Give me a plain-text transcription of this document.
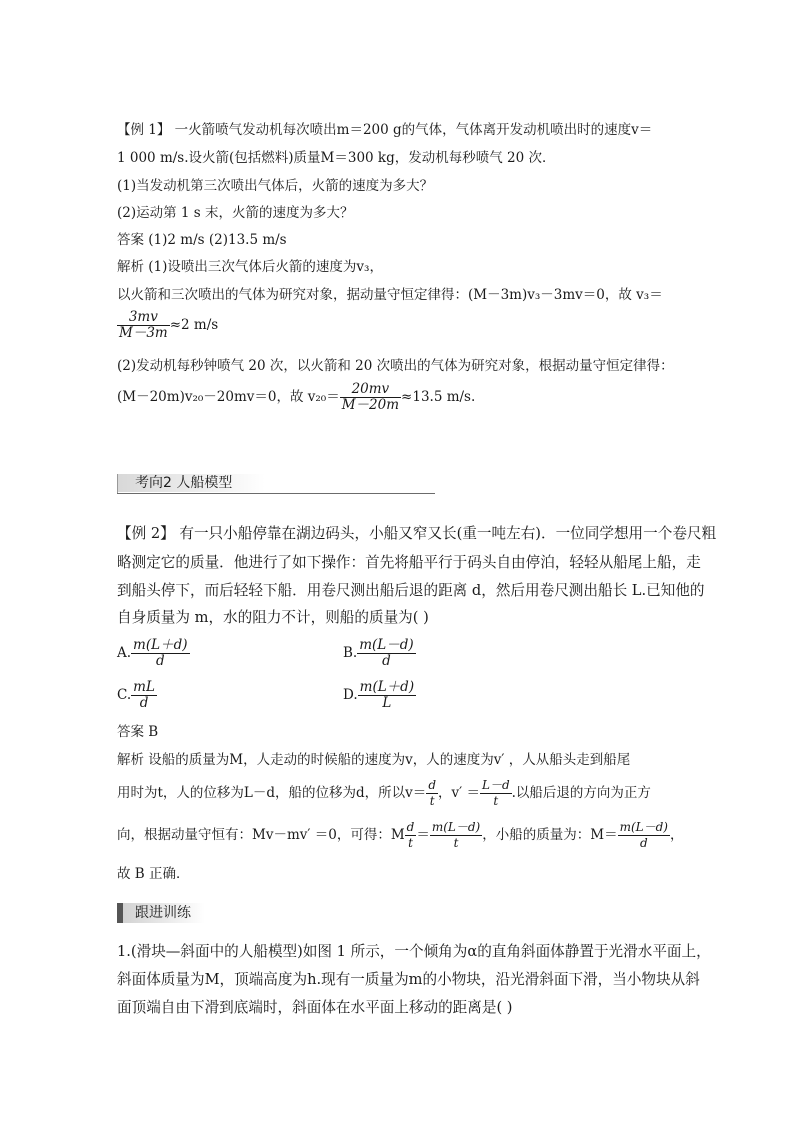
【例 1】 一火箭喷气发动机每次喷出m＝200 g的气体，气体离开发动机喷出时的速度v＝
1 000 m/s.设火箭(包括燃料)质量M＝300 kg，发动机每秒喷气 20 次．
(1)当发动机第三次喷出气体后，火箭的速度为多大？
(2)运动第 1 s 末，火箭的速度为多大？
答案 (1)2 m/s (2)13.5 m/s
解析 (1)设喷出三次气体后火箭的速度为v₃，
以火箭和三次喷出的气体为研究对象，据动量守恒定律得：(M－3m)v₃－3mv＝0，故 v₃＝
$\frac{3mv}{M-3m} \approx 2$ m/s
(2)发动机每秒钟喷气 20 次，以火箭和 20 次喷出的气体为研究对象，根据动量守恒定律得：
(M－20m)v₂₀－20mv＝0，故 $v_{20}= \frac{20mv}{M-20m} \approx 13.5$ m/s.
考向2 人船模型
【例 2】 有一只小船停靠在湖边码头，小船又窄又长(重一吨左右)．一位同学想用一个卷尺粗
略测定它的质量．他进行了如下操作：首先将船平行于码头自由停泊，轻轻从船尾上船，走
到船头停下，而后轻轻下船．用卷尺测出船后退的距离 d，然后用卷尺测出船长 L.已知他的
自身质量为 m，水的阻力不计，则船的质量为( )
A. $\frac{m(L+d)}{d}$	B. $\frac{m(L-d)}{d}$
C. $\frac{mL}{d}$	D. $\frac{m(L+d)}{L}$
答案 B
解析 设船的质量为M，人走动的时候船的速度为v，人的速度为v′ ，人从船头走到船尾
用时为t，人的位移为L－d，船的位移为d，所以$v= \frac{d}{t}$ ，$v' = \frac{L-d}{t}$ .以船后退的方向为正方
向，根据动量守恒有：Mv－mv′ ＝0，可得：M $\frac{d}{t} = \frac{m(L-d)}{t}$ ，小船的质量为：$M= \frac{m(L-d)}{d}$ ，
故 B 正确．
跟进训练
1.(滑块—斜面中的人船模型)如图 1 所示，一个倾角为α的直角斜面体静置于光滑水平面上，
斜面体质量为M，顶端高度为h.现有一质量为m的小物块，沿光滑斜面下滑，当小物块从斜
面顶端自由下滑到底端时，斜面体在水平面上移动的距离是( )
